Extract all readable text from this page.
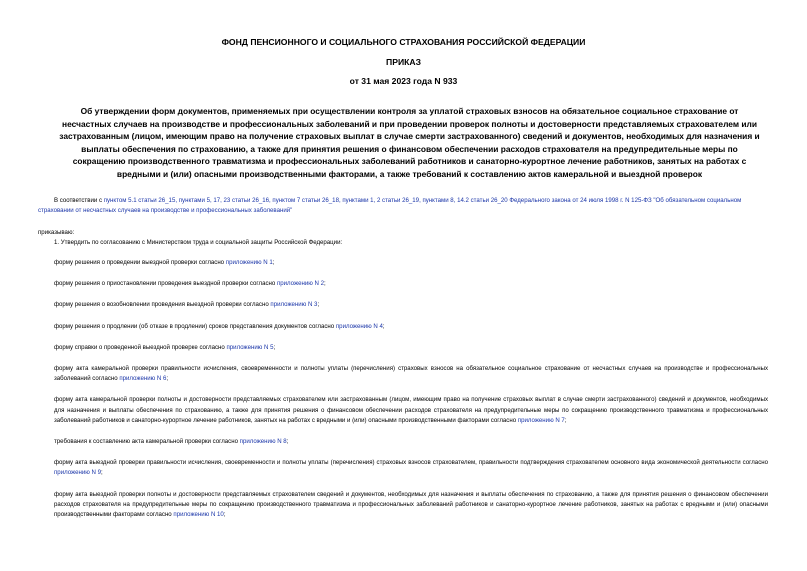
ФОНД ПЕНСИОННОГО И СОЦИАЛЬНОГО СТРАХОВАНИЯ РОССИЙСКОЙ ФЕДЕРАЦИИ
ПРИКАЗ
от 31 мая 2023 года N 933
Об утверждении форм документов, применяемых при осуществлении контроля за уплатой страховых взносов на обязательное социальное страхование от несчастных случаев на производстве и профессиональных заболеваний и при проведении проверок полноты и достоверности представляемых страхователем или застрахованным (лицом, имеющим право на получение страховых выплат в случае смерти застрахованного) сведений и документов, необходимых для назначения и выплаты обеспечения по страхованию, а также для принятия решения о финансовом обеспечении расходов страхователя на предупредительные меры по сокращению производственного травматизма и профессиональных заболеваний работников и санаторно-курортное лечение работников, занятых на работах с вредными и (или) опасными производственными факторами, а также требований к составлению актов камеральной и выездной проверок

В соответствии с пунктом 5.1 статьи 26_15, пунктами 5, 17, 23 статьи 26_16, пунктом 7 статьи 26_18, пунктами 1, 2 статьи 26_19, пунктами 8, 14.2 статьи 26_20 Федерального закона от 24 июля 1998 г. N 125-ФЗ "Об обязательном социальном страховании от несчастных случаев на производстве и профессиональных заболеваний"

приказываю:
1. Утвердить по согласованию с Министерством труда и социальной защиты Российской Федерации:

форму решения о проведении выездной проверки согласно приложению N 1;

форму решения о приостановлении проведения выездной проверки согласно приложению N 2;

форму решения о возобновлении проведения выездной проверки согласно приложению N 3;

форму решения о продлении (об отказе в продлении) сроков представления документов согласно приложению N 4;

форму справки о проведенной выездной проверке согласно приложению N 5;

форму акта камеральной проверки правильности исчисления, своевременности и полноты уплаты (перечисления) страховых взносов на обязательное социальное страхование от несчастных случаев на производстве и профессиональных заболеваний согласно приложению N 6;

форму акта камеральной проверки полноты и достоверности представляемых страхователем или застрахованным (лицом, имеющим право на получение страховых выплат в случае смерти застрахованного) сведений и документов, необходимых для назначения и выплаты обеспечения по страхованию, а также для принятия решения о финансовом обеспечении расходов страхователя на предупредительные меры по сокращению производственного травматизма и профессиональных заболеваний работников и санаторно-курортное лечение работников, занятых на работах с вредными и (или) опасными производственными факторами согласно приложению N 7;

требования к составлению акта камеральной проверки согласно приложению N 8;

форму акта выездной проверки правильности исчисления, своевременности и полноты уплаты (перечисления) страховых взносов страхователем, правильности подтверждения страхователем основного вида экономической деятельности согласно приложению N 9;

форму акта выездной проверки полноты и достоверности представляемых страхователем сведений и документов, необходимых для назначения и выплаты обеспечения по страхованию, а также для принятия решения о финансовом обеспечении расходов страхователя на предупредительные меры по сокращению производственного травматизма и профессиональных заболеваний работников и санаторно-курортное лечение работников, занятых на работах с вредными и (или) опасными производственными факторами согласно приложению N 10;
